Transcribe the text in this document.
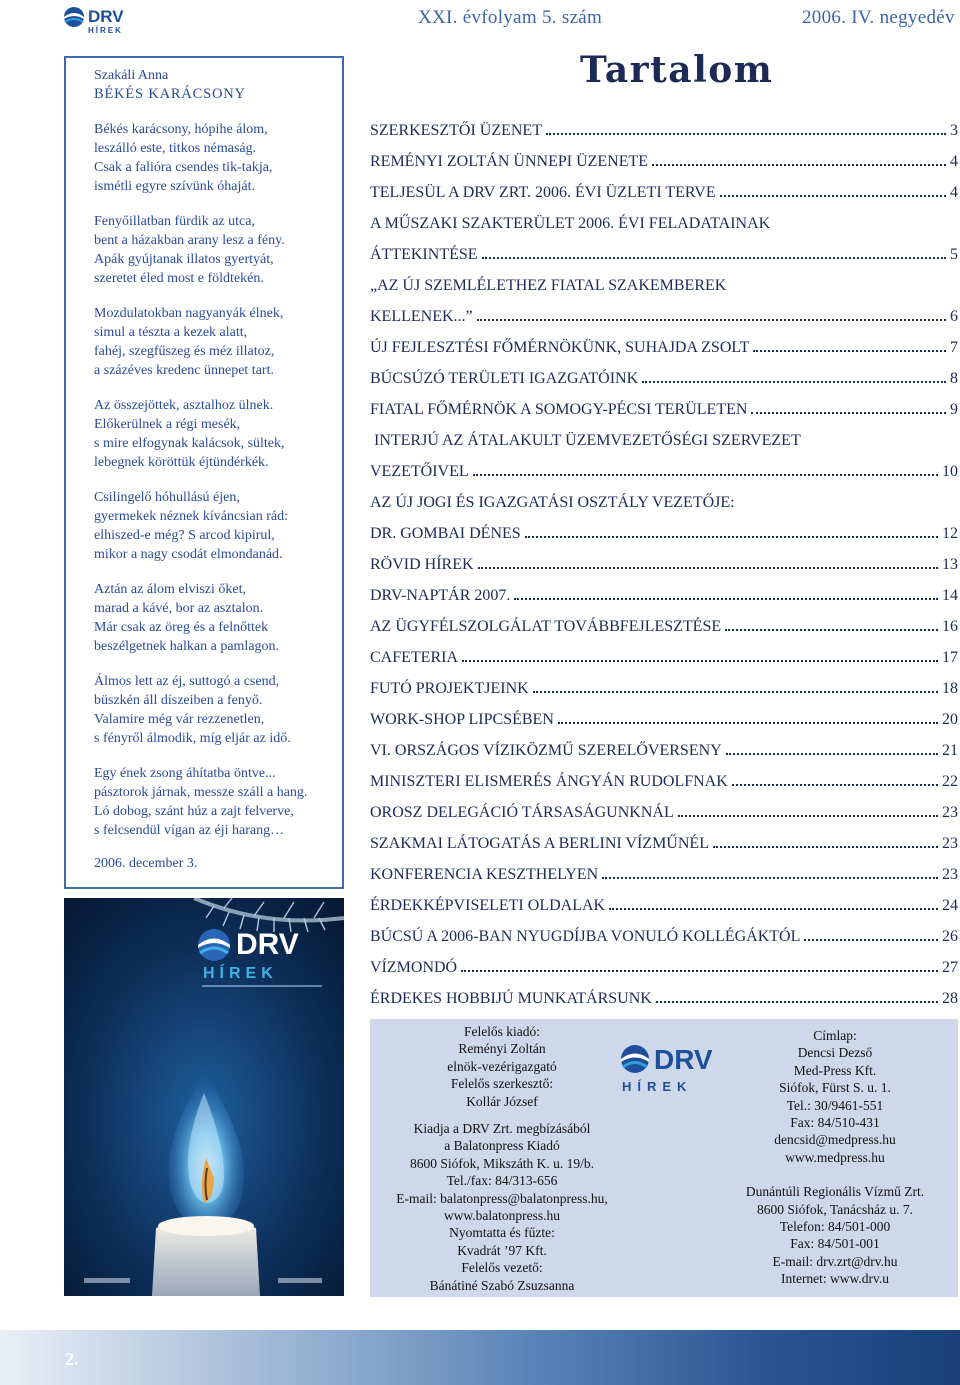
DRV
HÍREK
XXI. évfolyam 5. szám	2006. IV. negyedév
Szakáli Anna
BÉKÉS KARÁCSONY
Békés karácsony, hópihe álom,
leszálló este, titkos némaság.
Csak a falióra csendes tik-takja,
ismétli egyre szívünk óhaját.
Fenyőillatban fürdik az utca,
bent a házakban arany lesz a fény.
Apák gyújtanak illatos gyertyát,
szeretet éled most e földtekén.
Mozdulatokban nagyanyák élnek,
simul a tészta a kezek alatt,
fahéj, szegfűszeg és méz illatoz,
a százéves kredenc ünnepet tart.
Az összejöttek, asztalhoz ülnek.
Előkerülnek a régi mesék,
s mire elfogynak kalácsok, sültek,
lebegnek köröttük éjtündérkék.
Csilingelő hóhullású éjen,
gyermekek néznek kíváncsian rád:
elhiszed-e még? S arcod kipirul,
mikor a nagy csodát elmondanád.
Aztán az álom elviszi őket,
marad a kávé, bor az asztalon.
Már csak az öreg és a felnőttek
beszélgetnek halkan a pamlagon.
Álmos lett az éj, suttogó a csend,
büszkén áll díszeiben a fenyő.
Valamire még vár rezzenetlen,
s fényről álmodik, míg eljár az idő.
Egy ének zsong áhítatba öntve...
pásztorok járnak, messze száll a hang.
Ló dobog, szánt húz a zajt felverve,
s felcsendül vígan az éji harang…
2006. december 3.
DRV
HÍREK
Tartalom
SZERKESZTŐI ÜZENET	3
REMÉNYI ZOLTÁN ÜNNEPI ÜZENETE	4
TELJESÜL A DRV ZRT. 2006. ÉVI ÜZLETI TERVE	4
A MŰSZAKI SZAKTERÜLET 2006. ÉVI FELADATAINAK
ÁTTEKINTÉSE	5
„AZ ÚJ SZEMLÉLETHEZ FIATAL SZAKEMBEREK
KELLENEK...”	6
ÚJ FEJLESZTÉSI FŐMÉRNÖKÜNK, SUHAJDA ZSOLT	7
BÚCSÚZÓ TERÜLETI IGAZGATÓINK	8
FIATAL FŐMÉRNÖK A SOMOGY-PÉCSI TERÜLETEN	9
INTERJÚ AZ ÁTALAKULT ÜZEMVEZETŐSÉGI SZERVEZET
VEZETŐIVEL	10
AZ ÚJ JOGI ÉS IGAZGATÁSI OSZTÁLY VEZETŐJE:
DR. GOMBAI DÉNES	12
RÖVID HÍREK	13
DRV-NAPTÁR 2007.	14
AZ ÜGYFÉLSZOLGÁLAT TOVÁBBFEJLESZTÉSE	16
CAFETERIA	17
FUTÓ PROJEKTJEINK	18
WORK-SHOP LIPCSÉBEN	20
VI. ORSZÁGOS VÍZIKÖZMŰ SZERELŐVERSENY	21
MINISZTERI ELISMERÉS ÁNGYÁN RUDOLFNAK	22
OROSZ DELEGÁCIÓ TÁRSASÁGUNKNÁL	23
SZAKMAI LÁTOGATÁS A BERLINI VÍZMŰNÉL	23
KONFERENCIA KESZTHELYEN	23
ÉRDEKKÉPVISELETI OLDALAK	24
BÚCSÚ A 2006-BAN NYUGDÍJBA VONULÓ KOLLÉGÁKTÓL	26
VÍZMONDÓ	27
ÉRDEKES HOBBIJÚ MUNKATÁRSUNK	28
Felelős kiadó:
Reményi Zoltán
elnök-vezérigazgató
Felelős szerkesztő:
Kollár József
Kiadja a DRV Zrt. megbízásából
a Balatonpress Kiadó
8600 Siófok, Mikszáth K. u. 19/b.
Tel./fax: 84/313-656
E-mail: balatonpress@balatonpress.hu,
www.balatonpress.hu
Nyomtatta és fűzte:
Kvadrát ’97 Kft.
Felelős vezető:
Bánátiné Szabó Zsuzsanna
DRV
HÍREK
Címlap:
Dencsi Dezső
Med-Press Kft.
Siófok, Fürst S. u. 1.
Tel.: 30/9461-551
Fax: 84/510-431
dencsid@medpress.hu
www.medpress.hu
Dunántúli Regionális Vízmű Zrt.
8600 Siófok, Tanácsház u. 7.
Telefon: 84/501-000
Fax: 84/501-001
E-mail: drv.zrt@drv.hu
Internet: www.drv.u
2.
